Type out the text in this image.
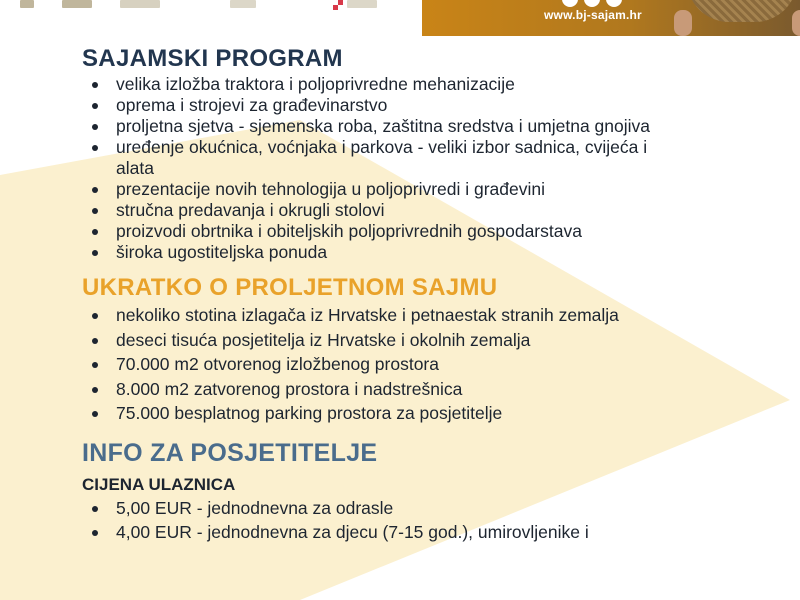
www.bj-sajam.hr
SAJAMSKI PROGRAM
velika izložba traktora i poljoprivredne mehanizacije
oprema i strojevi za građevinarstvo
proljetna sjetva - sjemenska roba, zaštitna sredstva i umjetna gnojiva
uređenje okućnica, voćnjaka i parkova - veliki izbor sadnica, cvijeća i alata
prezentacije novih tehnologija u poljoprivredi i građevini
stručna predavanja i okrugli stolovi
proizvodi obrtnika i obiteljskih poljoprivrednih gospodarstava
široka ugostiteljska ponuda
UKRATKO O PROLJETNOM SAJMU
nekoliko stotina izlagača iz Hrvatske i petnaestak stranih zemalja
deseci tisuća posjetitelja iz Hrvatske i okolnih zemalja
70.000 m2 otvorenog izložbenog prostora
8.000 m2 zatvorenog prostora i nadstrešnica
75.000 besplatnog parking prostora za posjetitelje
INFO ZA POSJETITELJE
CIJENA ULAZNICA
5,00 EUR - jednodnevna za odrasle
4,00 EUR - jednodnevna za djecu (7-15 god.), umirovljenike i
